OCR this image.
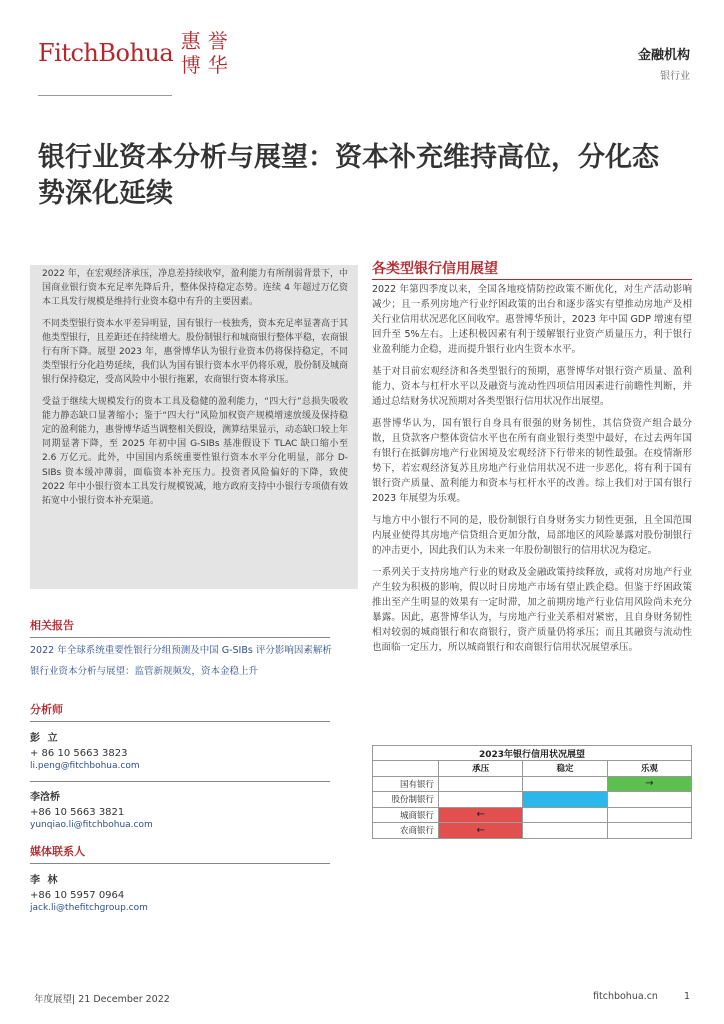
FitchBohua 惠 誉
博 华	金融机构
银行业
银行业资本分析与展望：资本补充维持高位，分化态势深化延续

2022 年，在宏观经济承压，净息差持续收窄，盈利能力有所削弱背景下，中国商业银行资本充足率先降后升，整体保持稳定态势。连续 4 年超过万亿资本工具发行规模是维持行业资本稳中有升的主要因素。

不同类型银行资本水平差异明显，国有银行一枝独秀，资本充足率显著高于其他类型银行，且差距还在持续增大。股份制银行和城商银行整体平稳，农商银行有所下降。展望 2023 年，惠誉博华认为银行业资本仍将保持稳定，不同类型银行分化趋势延续，我们认为国有银行资本水平仍将乐观，股份制及城商银行保持稳定，受高风险中小银行拖累，农商银行资本将承压。

受益于继续大规模发行的资本工具及稳健的盈利能力，“四大行”总损失吸收能力静态缺口显著缩小；鉴于“四大行”风险加权资产规模增速放缓及保持稳定的盈利能力，惠誉博华适当调整相关假设，测算结果显示，动态缺口较上年同期显著下降，至 2025 年初中国 G-SIBs 基准假设下 TLAC 缺口缩小至 2.6 万亿元。此外，中国国内系统重要性银行资本水平分化明显，部分 D-SIBs 资本缓冲薄弱，面临资本补充压力。投资者风险偏好的下降，致使 2022 年中小银行资本工具发行规模锐减，地方政府支持中小银行专项债有效拓宽中小银行资本补充渠道。

相关报告
2022 年全球系统重要性银行分组预测及中国 G-SIBs 评分影响因素解析
银行业资本分析与展望：监管新规频发，资本金稳上升
分析师
彭 立
+ 86 10 5663 3823
li.peng@fitchbohua.com
李浛桥
+86 10 5663 3821
yunqiao.li@fitchbohua.com
媒体联系人
李 林
+86 10 5957 0964
jack.li@thefitchgroup.com
各类型银行信用展望

2022 年第四季度以来，全国各地疫情防控政策不断优化，对生产活动影响减少；且一系列房地产行业纾困政策的出台和逐步落实有望推动房地产及相关行业信用状况恶化区间收窄。惠誉博华预计，2023 年中国 GDP 增速有望回升至 5%左右。上述积极因素有利于缓解银行业资产质量压力，利于银行业盈利能力企稳，进而提升银行业内生资本水平。

基于对目前宏观经济和各类型银行的预期，惠誉博华对银行资产质量、盈利能力、资本与杠杆水平以及融资与流动性四项信用因素进行前瞻性判断，并通过总结财务状况预期对各类型银行信用状况作出展望。

惠誉博华认为，国有银行自身具有很强的财务韧性，其信贷资产组合最分散，且贷款客户整体资信水平也在所有商业银行类型中最好，在过去两年国有银行在抵御房地产行业困境及宏观经济下行带来的韧性最强。在疫情渐形势下，若宏观经济复苏且房地产行业信用状况不进一步恶化，将有利于国有银行资产质量、盈利能力和资本与杠杆水平的改善。综上我们对于国有银行 2023 年展望为乐观。

与地方中小银行不同的是，股份制银行自身财务实力韧性更强，且全国范围内展业使得其房地产信贷组合更加分散，局部地区的风险暴露对股份制银行的冲击更小，因此我们认为未来一年股份制银行的信用状况为稳定。

一系列关于支持房地产行业的财政及金融政策持续释放，或将对房地产行业产生较为积极的影响，假以时日房地产市场有望止跌企稳。但鉴于纾困政策推出至产生明显的效果有一定时滞，加之前期房地产行业信用风险尚未充分暴露。因此，惠誉博华认为，与房地产行业关系相对紧密，且自身财务韧性相对较弱的城商银行和农商银行，资产质量仍将承压；而且其融资与流动性也面临一定压力，所以城商银行和农商银行信用状况展望承压。

2023年银行信用状况展望			
	承压	稳定	乐观
国有银行			→
股份制银行			
城商银行	←		
农商银行	←		
年度展望| 21 December 2022	fitchbohua.cn	1
